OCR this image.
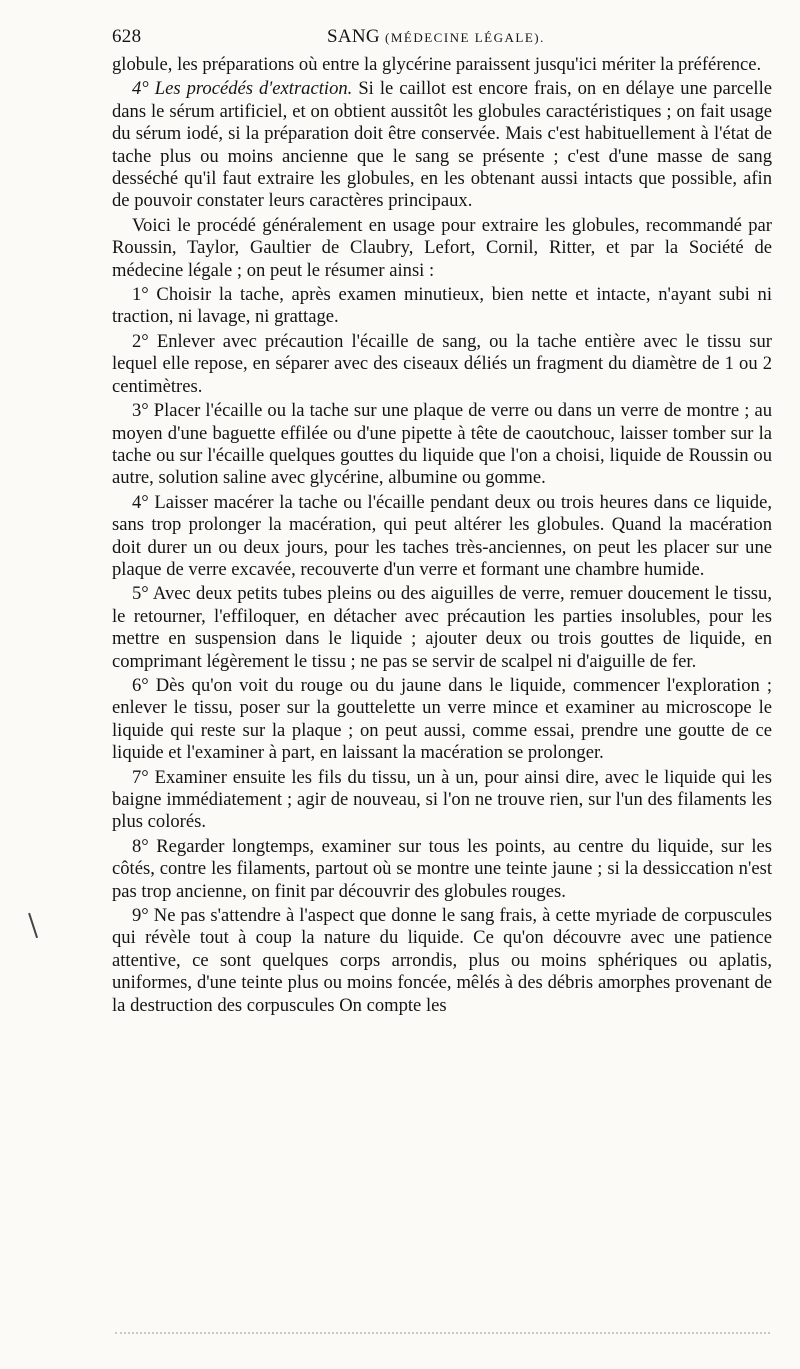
628	SANG (MÉDECINE LÉGALE).

globule, les préparations où entre la glycérine paraissent jusqu'ici mériter la préférence.

4° Les procédés d'extraction. Si le caillot est encore frais, on en délaye une parcelle dans le sérum artificiel, et on obtient aussitôt les globules caractéristiques ; on fait usage du sérum iodé, si la préparation doit être conservée. Mais c'est habituellement à l'état de tache plus ou moins ancienne que le sang se présente ; c'est d'une masse de sang desséché qu'il faut extraire les globules, en les obtenant aussi intacts que possible, afin de pouvoir constater leurs caractères principaux.

Voici le procédé généralement en usage pour extraire les globules, recommandé par Roussin, Taylor, Gaultier de Claubry, Lefort, Cornil, Ritter, et par la Société de médecine légale ; on peut le résumer ainsi :

1° Choisir la tache, après examen minutieux, bien nette et intacte, n'ayant subi ni traction, ni lavage, ni grattage.

2° Enlever avec précaution l'écaille de sang, ou la tache entière avec le tissu sur lequel elle repose, en séparer avec des ciseaux déliés un fragment du diamètre de 1 ou 2 centimètres.

3° Placer l'écaille ou la tache sur une plaque de verre ou dans un verre de montre ; au moyen d'une baguette effilée ou d'une pipette à tête de caoutchouc, laisser tomber sur la tache ou sur l'écaille quelques gouttes du liquide que l'on a choisi, liquide de Roussin ou autre, solution saline avec glycérine, albumine ou gomme.

4° Laisser macérer la tache ou l'écaille pendant deux ou trois heures dans ce liquide, sans trop prolonger la macération, qui peut altérer les globules. Quand la macération doit durer un ou deux jours, pour les taches très-anciennes, on peut les placer sur une plaque de verre excavée, recouverte d'un verre et formant une chambre humide.

5° Avec deux petits tubes pleins ou des aiguilles de verre, remuer doucement le tissu, le retourner, l'effiloquer, en détacher avec précaution les parties insolubles, pour les mettre en suspension dans le liquide ; ajouter deux ou trois gouttes de liquide, en comprimant légèrement le tissu ; ne pas se servir de scalpel ni d'aiguille de fer.

6° Dès qu'on voit du rouge ou du jaune dans le liquide, commencer l'exploration ; enlever le tissu, poser sur la gouttelette un verre mince et examiner au microscope le liquide qui reste sur la plaque ; on peut aussi, comme essai, prendre une goutte de ce liquide et l'examiner à part, en laissant la macération se prolonger.

7° Examiner ensuite les fils du tissu, un à un, pour ainsi dire, avec le liquide qui les baigne immédiatement ; agir de nouveau, si l'on ne trouve rien, sur l'un des filaments les plus colorés.

8° Regarder longtemps, examiner sur tous les points, au centre du liquide, sur les côtés, contre les filaments, partout où se montre une teinte jaune ; si la dessiccation n'est pas trop ancienne, on finit par découvrir des globules rouges.

9° Ne pas s'attendre à l'aspect que donne le sang frais, à cette myriade de corpuscules qui révèle tout à coup la nature du liquide. Ce qu'on découvre avec une patience attentive, ce sont quelques corps arrondis, plus ou moins sphériques ou aplatis, uniformes, d'une teinte plus ou moins foncée, mêlés à des débris amorphes provenant de la destruction des corpuscules On compte les
